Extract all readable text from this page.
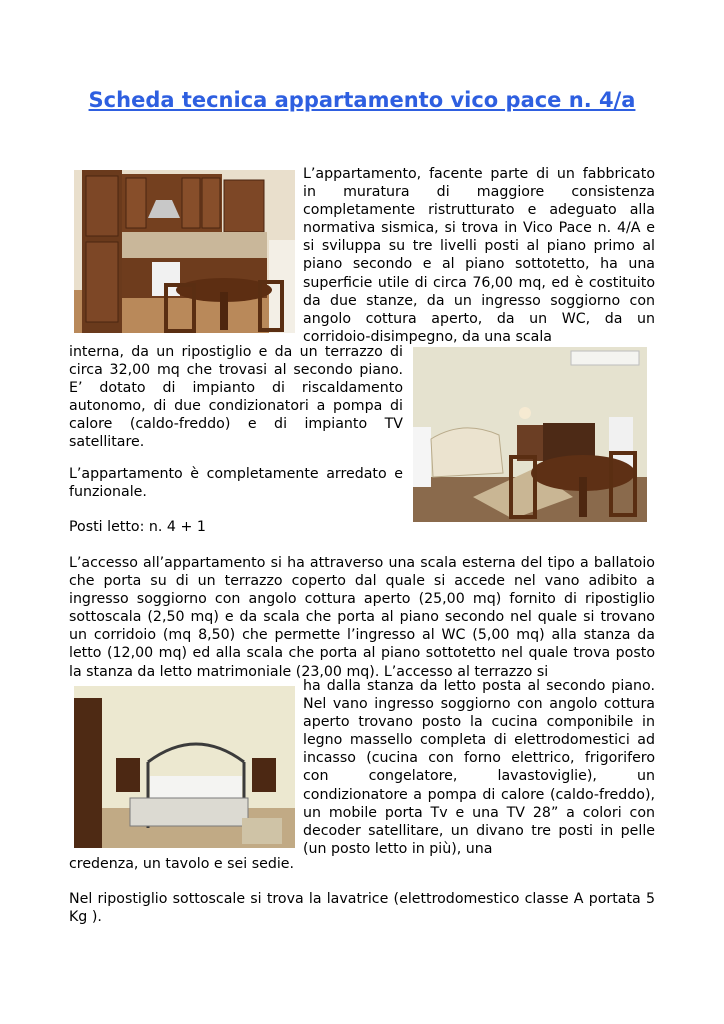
Scheda tecnica appartamento vico pace n. 4/a

L’appartamento, facente parte di un fabbricato in muratura di maggiore consistenza completamente ristrutturato e adeguato alla normativa sismica, si trova in Vico Pace n. 4/A e si sviluppa su tre livelli posti al piano primo al piano secondo e al piano sottotetto, ha una superficie utile di circa 76,00 mq, ed è costituito da due stanze, da un ingresso soggiorno con angolo cottura aperto, da un WC, da un corridoio-disimpegno, da una scala

interna, da un ripostiglio e da un terrazzo di circa 32,00 mq che trovasi al secondo piano. E’ dotato di impianto di riscaldamento autonomo, di due condizionatori a pompa di calore (caldo-freddo) e di impianto TV satellitare.

L’appartamento è completamente arredato e funzionale.

Posti letto: n. 4 + 1

L’accesso all’appartamento si ha attraverso una scala esterna del tipo a ballatoio che porta su di un terrazzo coperto dal quale si accede nel vano adibito a ingresso soggiorno con angolo cottura aperto (25,00 mq) fornito di ripostiglio sottoscala (2,50 mq) e da scala che porta al piano secondo nel quale si trovano un corridoio (mq 8,50) che permette l’ingresso al WC (5,00 mq) alla stanza da letto (12,00 mq) ed alla scala che porta al piano sottotetto nel quale trova posto la stanza da letto matrimoniale (23,00 mq). L’accesso al terrazzo si

ha dalla stanza da letto posta al secondo piano. Nel vano ingresso soggiorno con angolo cottura aperto trovano posto la cucina componibile in legno massello completa di elettrodomestici ad incasso (cucina con forno elettrico, frigorifero con congelatore, lavastoviglie), un condizionatore a pompa di calore (caldo-freddo), un mobile porta Tv e una TV 28” a colori con decoder satellitare, un divano tre posti in pelle (un posto letto in più), una

credenza, un tavolo e sei sedie.

Nel ripostiglio sottoscale si trova la lavatrice (elettrodomestico classe A portata 5 Kg ).
